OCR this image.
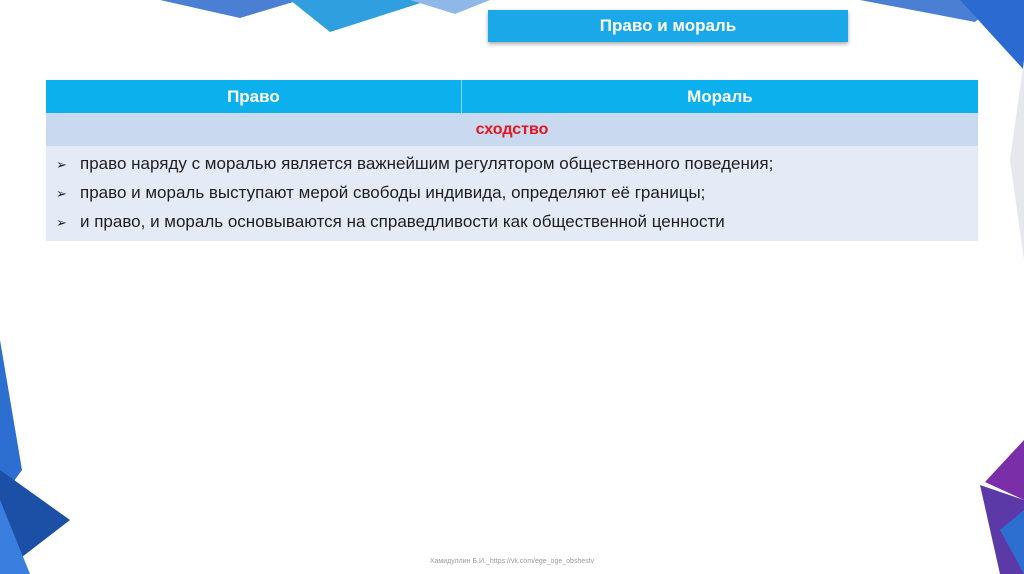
Право и мораль
Право	Мораль
сходство

➢ право наряду с моралью является важнейшим регулятором общественного поведения;
➢ право и мораль выступают мерой свободы индивида, определяют её границы;
➢ и право, и мораль основываются на справедливости как общественной ценности
Хамидуллин Б.И._https://vk.com/ege_oge_obshestv
